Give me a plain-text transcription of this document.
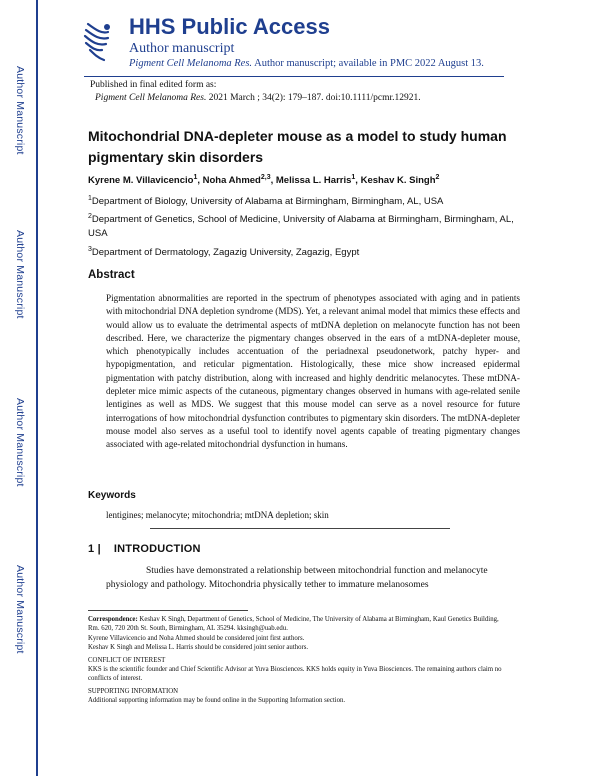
Author Manuscript
Author Manuscript
Author Manuscript
Author Manuscript
HHS Public Access
Author manuscript
Pigment Cell Melanoma Res. Author manuscript; available in PMC 2022 August 13.
Published in final edited form as:
Pigment Cell Melanoma Res. 2021 March ; 34(2): 179–187. doi:10.1111/pcmr.12921.
Mitochondrial DNA-depleter mouse as a model to study human pigmentary skin disorders
Kyrene M. Villavicencio$^1$, Noha Ahmed$^{2,3}$, Melissa L. Harris$^1$, Keshav K. Singh$^2$
$^1$Department of Biology, University of Alabama at Birmingham, Birmingham, AL, USA
$^2$Department of Genetics, School of Medicine, University of Alabama at Birmingham, Birmingham, AL, USA
$^3$Department of Dermatology, Zagazig University, Zagazig, Egypt
Abstract
Pigmentation abnormalities are reported in the spectrum of phenotypes associated with aging and in patients with mitochondrial DNA depletion syndrome (MDS). Yet, a relevant animal model that mimics these effects and would allow us to evaluate the detrimental aspects of mtDNA depletion on melanocyte function has not been described. Here, we characterize the pigmentary changes observed in the ears of a mtDNA-depleter mouse, which phenotypically includes accentuation of the periadnexal pseudonetwork, patchy hyper- and hypopigmentation, and reticular pigmentation. Histologically, these mice show increased epidermal pigmentation with patchy distribution, along with increased and highly dendritic melanocytes. These mtDNA-depleter mice mimic aspects of the cutaneous, pigmentary changes observed in humans with age-related senile lentigines as well as MDS. We suggest that this mouse model can serve as a novel resource for future interrogations of how mitochondrial dysfunction contributes to pigmentary skin disorders. The mtDNA-depleter mouse model also serves as a useful tool to identify novel agents capable of treating pigmentary changes associated with age-related mitochondrial dysfunction in humans.
Keywords
lentigines; melanocyte; mitochondria; mtDNA depletion; skin
1 |    INTRODUCTION
Studies have demonstrated a relationship between mitochondrial function and melanocyte physiology and pathology. Mitochondria physically tether to immature melanosomes
Correspondence: Keshav K Singh, Department of Genetics, School of Medicine, The University of Alabama at Birmingham, Kaul Genetics Building, Rm. 620, 720 20th St. South, Birmingham, AL 35294. kksingh@uab.edu.
Kyrene Villavicencio and Noha Ahmed should be considered joint first authors.
Keshav K Singh and Melissa L. Harris should be considered joint senior authors.
CONFLICT OF INTEREST
KKS is the scientific founder and Chief Scientific Advisor at Yuva Biosciences. KKS holds equity in Yuva Biosciences. The remaining authors claim no conflicts of interest.
SUPPORTING INFORMATION
Additional supporting information may be found online in the Supporting Information section.
